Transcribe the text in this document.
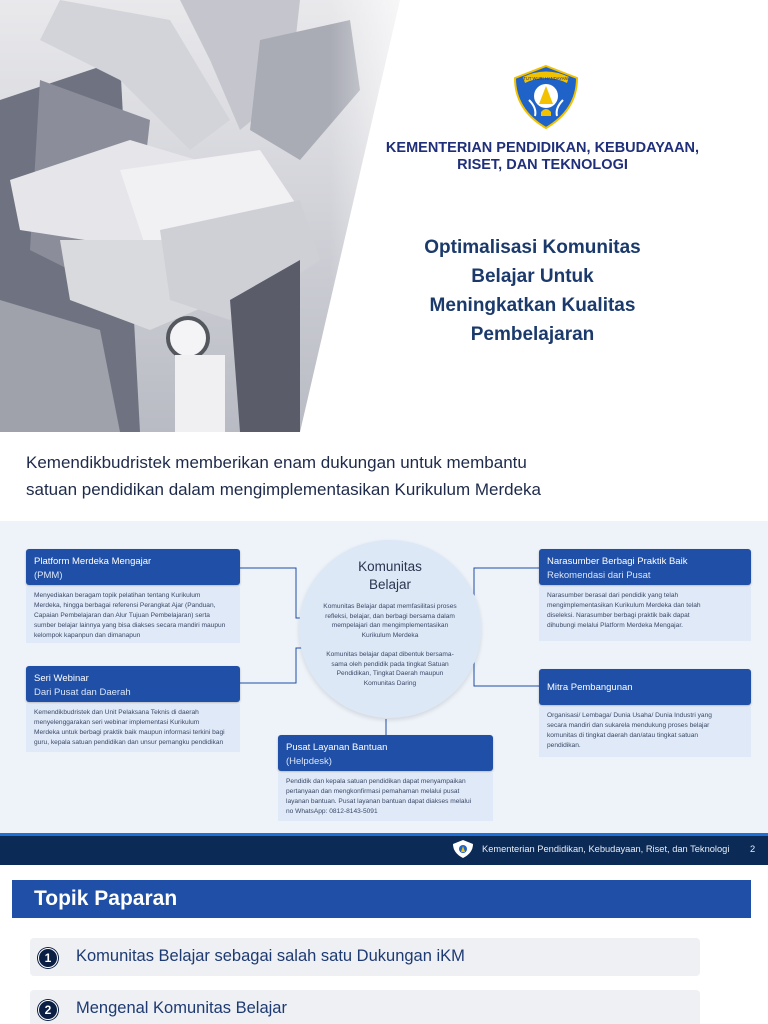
TUT WURI HANDAYANI
KEMENTERIAN PENDIDIKAN, KEBUDAYAAN,
RISET, DAN TEKNOLOGI
Optimalisasi Komunitas
Belajar Untuk
Meningkatkan Kualitas
Pembelajaran
Kemendikbudristek memberikan enam dukungan untuk membantu
satuan pendidikan dalam mengimplementasikan Kurikulum Merdeka
Komunitas
Belajar
Komunitas Belajar dapat memfasilitasi proses
refleksi, belajar, dan berbagi bersama dalam
mempelajari dan mengimplementasikan
Kurikulum Merdeka
Komunitas belajar dapat dibentuk bersama-
sama oleh pendidik pada tingkat Satuan
Pendidikan, Tingkat Daerah maupun
Komunitas Daring
Platform Merdeka Mengajar
(PMM)
Menyediakan beragam topik pelatihan tentang Kurikulum
Merdeka, hingga berbagai referensi Perangkat Ajar (Panduan,
Capaian Pembelajaran dan Alur Tujuan Pembelajaran) serta
sumber belajar lainnya yang bisa diakses secara mandiri maupun
kelompok kapanpun dan dimanapun
Seri Webinar
Dari Pusat dan Daerah
Kemendikbudristek dan Unit Pelaksana Teknis di daerah
menyelenggarakan seri webinar implementasi Kurikulum
Merdeka untuk berbagi praktik baik maupun informasi terkini bagi
guru, kepala satuan pendidikan dan unsur pemangku pendidikan
Narasumber Berbagi Praktik Baik
Rekomendasi dari Pusat
Narasumber berasal dari pendidik yang telah
mengimplementasikan Kurikulum Merdeka dan telah
diseleksi. Narasumber berbagi praktik baik dapat
dihubungi melalui Platform Merdeka Mengajar.
Mitra Pembangunan
Organisasi/ Lembaga/ Dunia Usaha/ Dunia Industri yang
secara mandiri dan sukarela mendukung proses belajar
komunitas di tingkat daerah dan/atau tingkat satuan
pendidikan.
Pusat Layanan Bantuan
(Helpdesk)
Pendidik dan kepala satuan pendidikan dapat menyampaikan
pertanyaan dan mengkonfirmasi pemahaman melalui pusat
layanan bantuan. Pusat layanan bantuan dapat diakses melalui
no WhatsApp: 0812-8143-5091
Kementerian Pendidikan, Kebudayaan, Riset, dan Teknologi 2
Topik Paparan
1	Komunitas Belajar sebagai salah satu Dukungan iKM
2	Mengenal Komunitas Belajar
